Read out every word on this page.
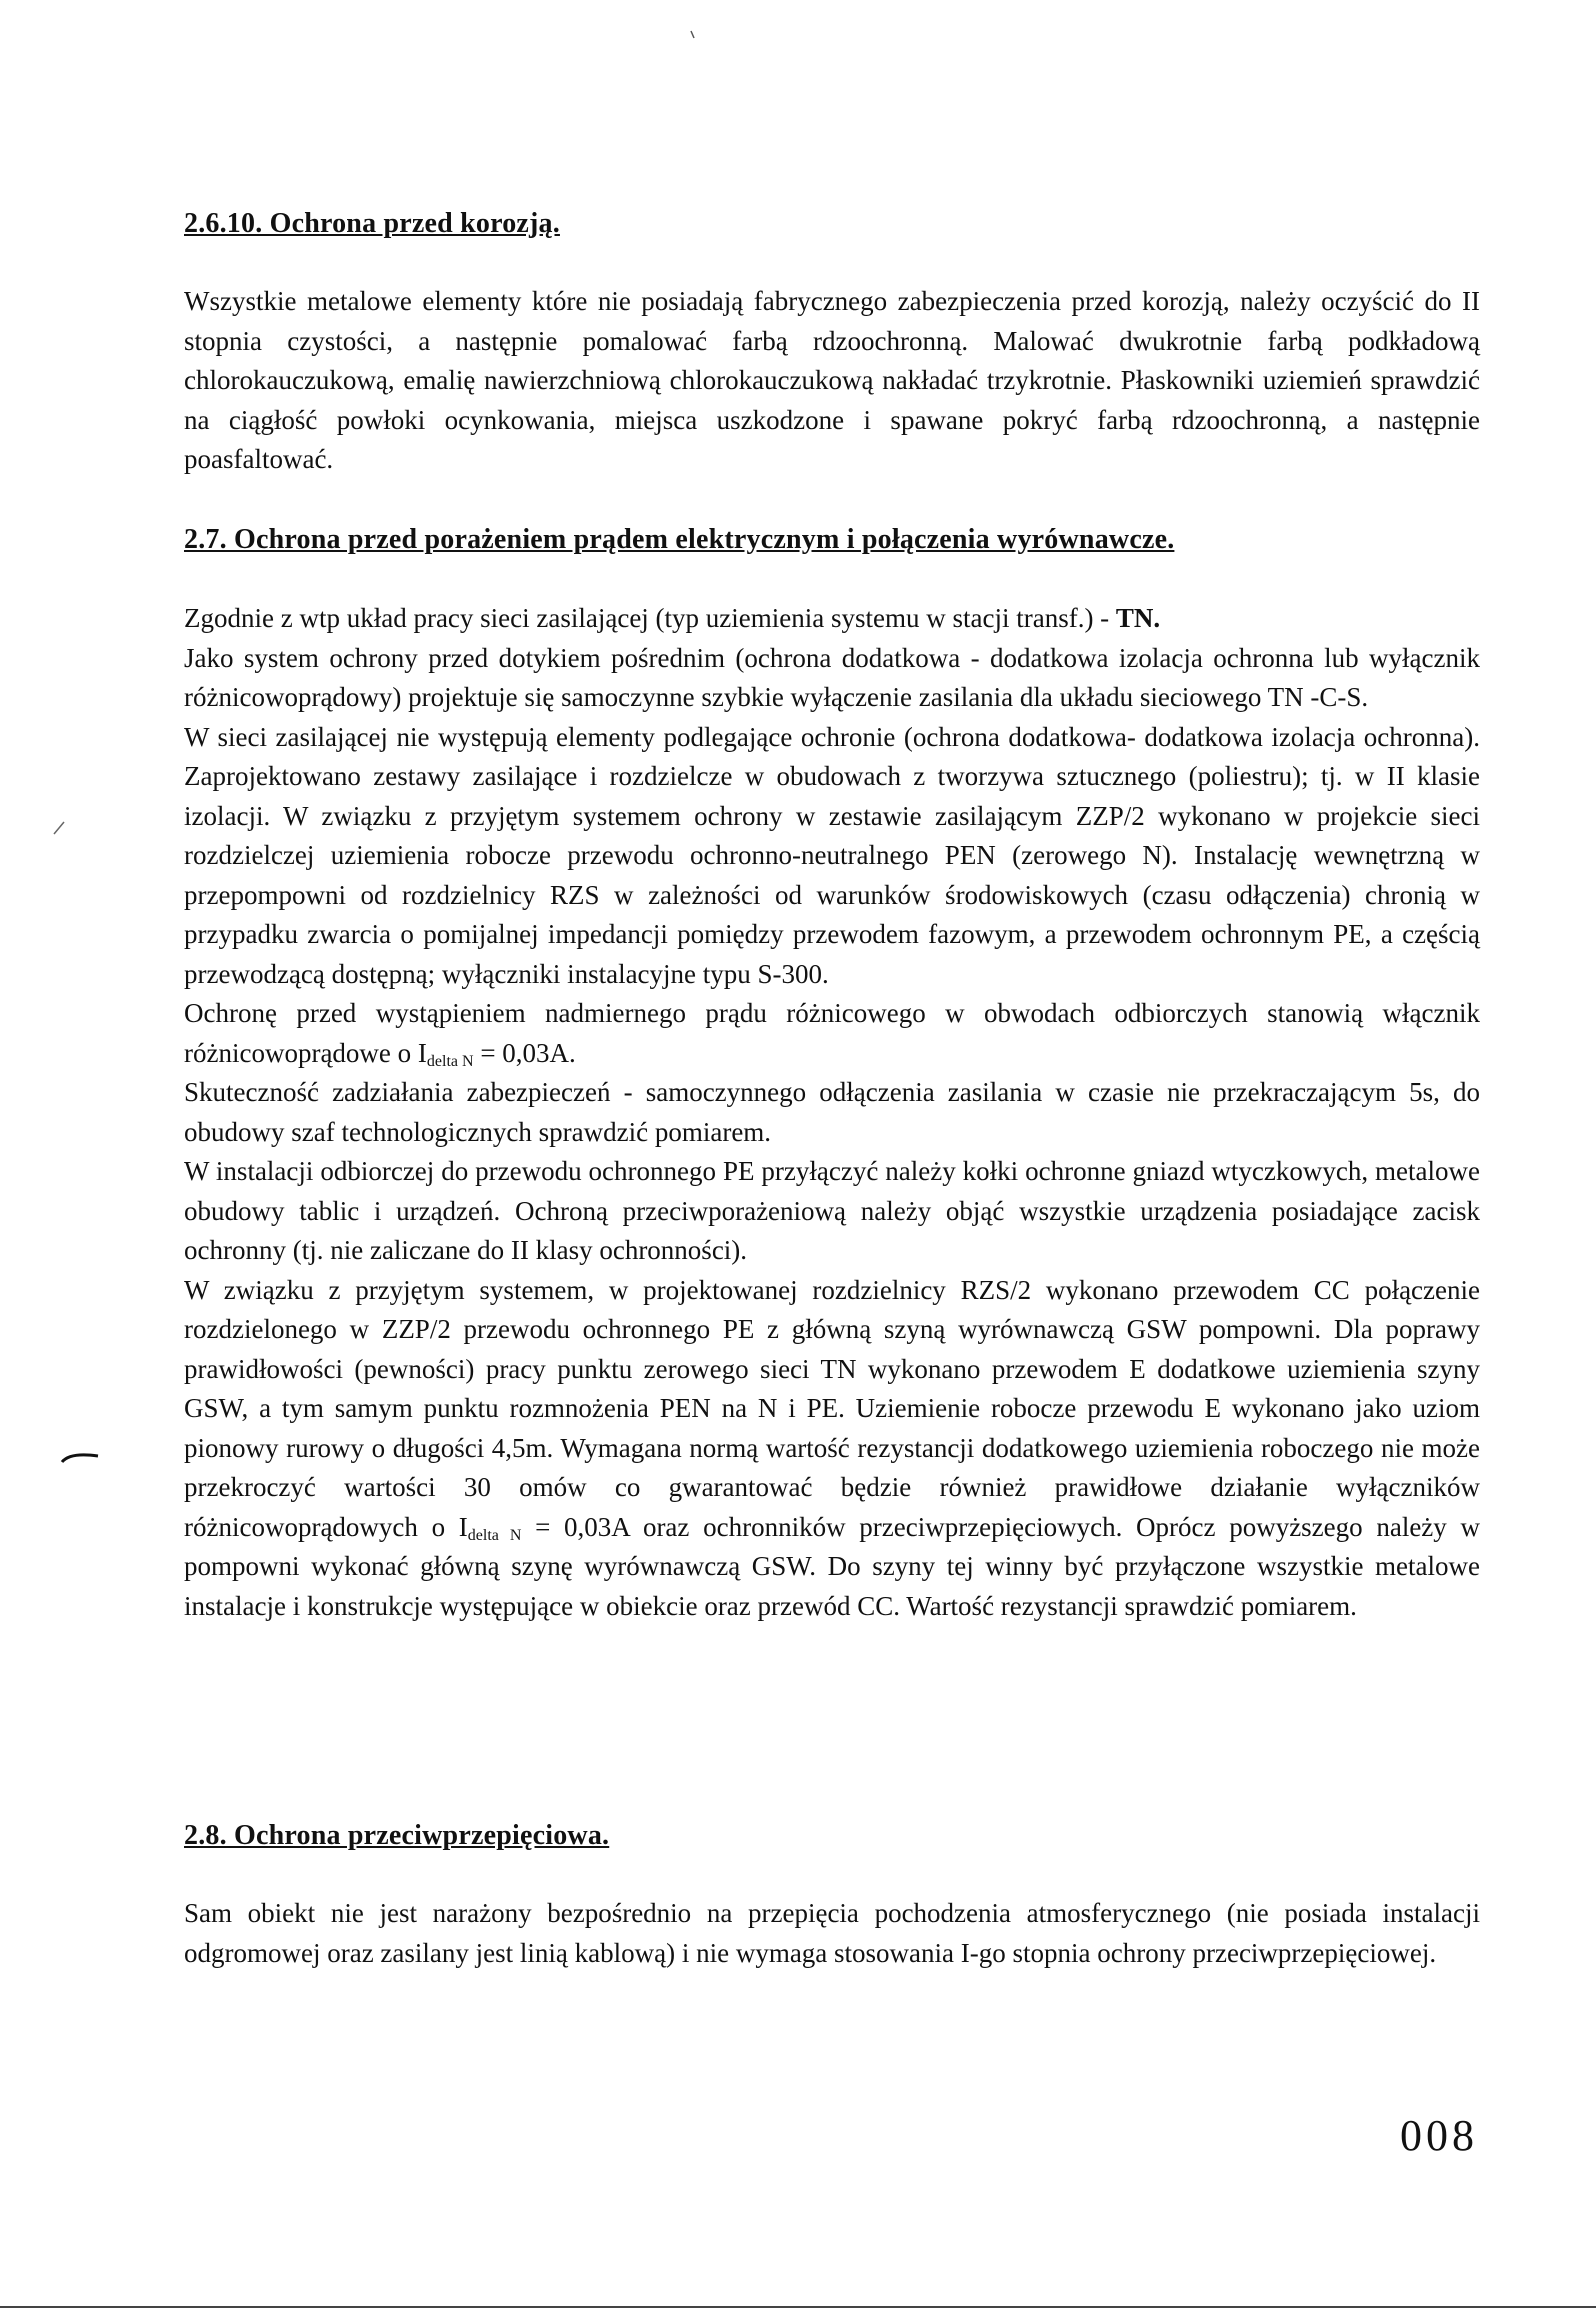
2.6.10. Ochrona przed korozją.

Wszystkie metalowe elementy które nie posiadają fabrycznego zabezpieczenia przed korozją, należy oczyścić do II stopnia czystości, a następnie pomalować farbą rdzoochronną. Malować dwukrotnie farbą podkładową chlorokauczukową, emalię nawierzchniową chlorokauczukową nakładać trzykrotnie. Płaskowniki uziemień sprawdzić na ciągłość powłoki ocynkowania, miejsca uszkodzone i spawane pokryć farbą rdzoochronną, a następnie poasfaltować.

2.7. Ochrona przed porażeniem prądem elektrycznym i połączenia wyrównawcze.

Zgodnie z wtp układ pracy sieci zasilającej (typ uziemienia systemu w stacji transf.) - TN.

Jako system ochrony przed dotykiem pośrednim (ochrona dodatkowa - dodatkowa izolacja ochronna lub wyłącznik różnicowoprądowy) projektuje się samoczynne szybkie wyłączenie zasilania dla układu sieciowego TN -C-S.

W sieci zasilającej nie występują elementy podlegające ochronie (ochrona dodatkowa- dodatkowa izolacja ochronna). Zaprojektowano zestawy zasilające i rozdzielcze w obudowach z tworzywa sztucznego (poliestru); tj. w II klasie izolacji. W związku z przyjętym systemem ochrony w zestawie zasilającym ZZP/2 wykonano w projekcie sieci rozdzielczej uziemienia robocze przewodu ochronno-neutralnego PEN (zerowego N). Instalację wewnętrzną w przepompowni od rozdzielnicy RZS w zależności od warunków środowiskowych (czasu odłączenia) chronią w przypadku zwarcia o pomijalnej impedancji pomiędzy przewodem fazowym, a przewodem ochronnym PE, a częścią przewodzącą dostępną; wyłączniki instalacyjne typu S-300.

Ochronę przed wystąpieniem nadmiernego prądu różnicowego w obwodach odbiorczych stanowią włącznik różnicowoprądowe o $I_{delta N} = 0,03A$.

Skuteczność zadziałania zabezpieczeń - samoczynnego odłączenia zasilania w czasie nie przekraczającym 5s, do obudowy szaf technologicznych sprawdzić pomiarem.

W instalacji odbiorczej do przewodu ochronnego PE przyłączyć należy kołki ochronne gniazd wtyczkowych, metalowe obudowy tablic i urządzeń. Ochroną przeciwporażeniową należy objąć wszystkie urządzenia posiadające zacisk ochronny (tj. nie zaliczane do II klasy ochronności).

W związku z przyjętym systemem, w projektowanej rozdzielnicy RZS/2 wykonano przewodem CC połączenie rozdzielonego w ZZP/2 przewodu ochronnego PE z główną szyną wyrównawczą GSW pompowni. Dla poprawy prawidłowości (pewności) pracy punktu zerowego sieci TN wykonano przewodem E dodatkowe uziemienia szyny GSW, a tym samym punktu rozmnożenia PEN na N i PE. Uziemienie robocze przewodu E wykonano jako uziom pionowy rurowy o długości 4,5m. Wymagana normą wartość rezystancji dodatkowego uziemienia roboczego nie może przekroczyć wartości 30 omów co gwarantować będzie również prawidłowe działanie wyłączników różnicowoprądowych o $I_{delta N} = 0,03A$ oraz ochronników przeciwprzepięciowych. Oprócz powyższego należy w pompowni wykonać główną szynę wyrównawczą GSW. Do szyny tej winny być przyłączone wszystkie metalowe instalacje i konstrukcje występujące w obiekcie oraz przewód CC. Wartość rezystancji sprawdzić pomiarem.

2.8. Ochrona przeciwprzepięciowa.

Sam obiekt nie jest narażony bezpośrednio na przepięcia pochodzenia atmosferycznego (nie posiada instalacji odgromowej oraz zasilany jest linią kablową) i nie wymaga stosowania I-go stopnia ochrony przeciwprzepięciowej.

008
